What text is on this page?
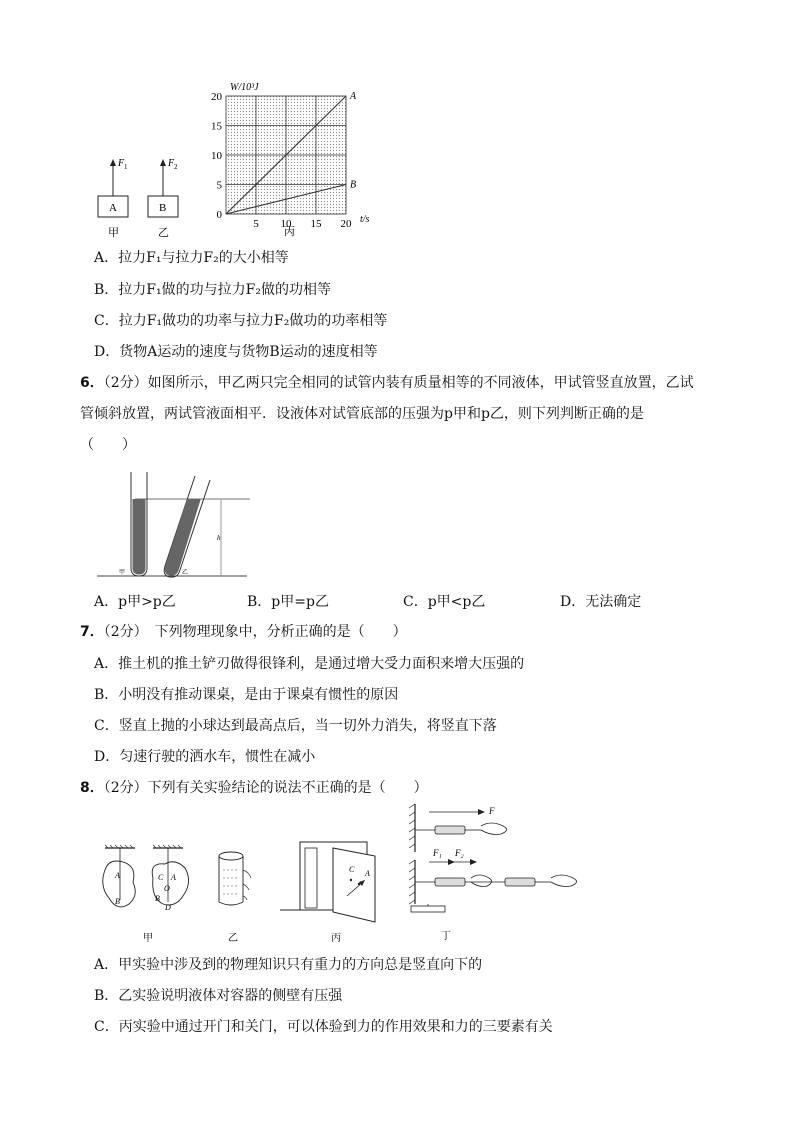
A
F 1
B
F 2
甲	乙
A
B
0
5
10
15
20
5 10 15 20
W/10³J
t/s
丙
A．拉力F₁与拉力F₂的大小相等
B．拉力F₁做的功与拉力F₂做的功相等
C．拉力F₁做功的功率与拉力F₂做功的功率相等
D．货物A运动的速度与货物B运动的速度相等
6．（2分）如图所示，甲乙两只完全相同的试管内装有质量相等的不同液体，甲试管竖直放置，乙试
管倾斜放置，两试管液面相平．设液体对试管底部的压强为p甲和p乙，则下列判断正确的是
（　　）
h
甲	乙
A．p甲>p乙	B．p甲=p乙	C．p甲<p乙	D．无法确定
7．（2分）　下列物理现象中，分析正确的是（　　）
A．推土机的推土铲刃做得很锋利，是通过增大受力面积来增大压强的
B．小明没有推动课桌，是由于课桌有惯性的原因
C．竖直上抛的小球达到最高点后，当一切外力消失，将竖直下落
D．匀速行驶的洒水车，惯性在减小
8．（2分）下列有关实验结论的说法不正确的是（　　）
A
B
C A
O
B
D
甲	乙
C A
丙
F
F₁ F₂
丁
A．甲实验中涉及到的物理知识只有重力的方向总是竖直向下的
B．乙实验说明液体对容器的侧壁有压强
C．丙实验中通过开门和关门，可以体验到力的作用效果和力的三要素有关
